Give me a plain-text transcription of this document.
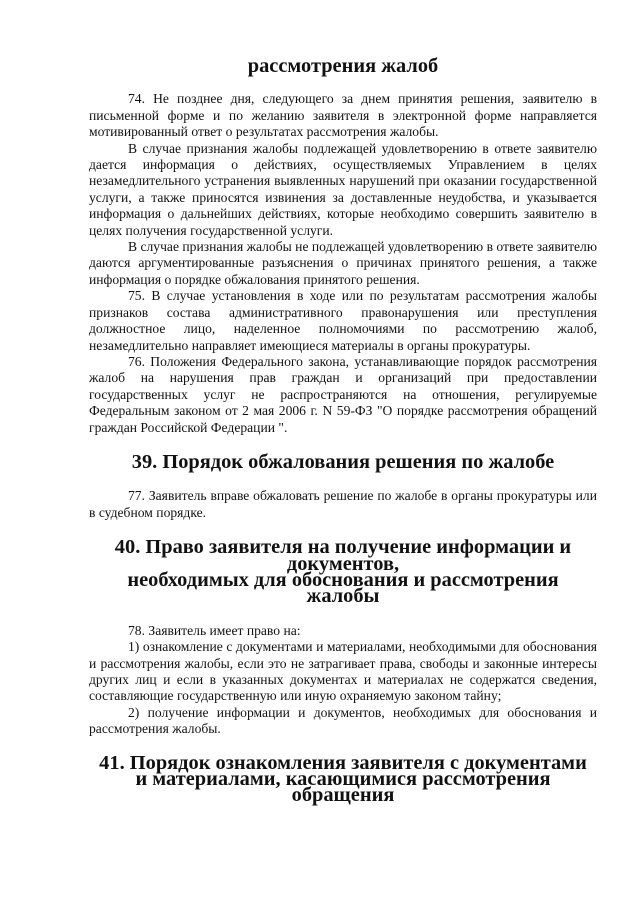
рассмотрения жалоб

74. Не позднее дня, следующего за днем принятия решения, заявителю в письменной форме и по желанию заявителя в электронной форме направляется мотивированный ответ о результатах рассмотрения жалобы.

В случае признания жалобы подлежащей удовлетворению в ответе заявителю дается информация о действиях, осуществляемых Управлением в целях незамедлительного устранения выявленных нарушений при оказании государственной услуги, а также приносятся извинения за доставленные неудобства, и указывается информация о дальнейших действиях, которые необходимо совершить заявителю в целях получения государственной услуги.

В случае признания жалобы не подлежащей удовлетворению в ответе заявителю даются аргументированные разъяснения о причинах принятого решения, а также информация о порядке обжалования принятого решения.

75. В случае установления в ходе или по результатам рассмотрения жалобы признаков состава административного правонарушения или преступления должностное лицо, наделенное полномочиями по рассмотрению жалоб, незамедлительно направляет имеющиеся материалы в органы прокуратуры.

76. Положения Федерального закона, устанавливающие порядок рассмотрения жалоб на нарушения прав граждан и организаций при предоставлении государственных услуг не распространяются на отношения, регулируемые Федеральным законом от 2 мая 2006 г. N 59-ФЗ "О порядке рассмотрения обращений граждан Российской Федерации ".

39. Порядок обжалования решения по жалобе

77. Заявитель вправе обжаловать решение по жалобе в органы прокуратуры или в судебном порядке.

40. Право заявителя на получение информации и документов,
необходимых для обоснования и рассмотрения жалобы

78. Заявитель имеет право на:

1) ознакомление с документами и материалами, необходимыми для обоснования и рассмотрения жалобы, если это не затрагивает права, свободы и законные интересы других лиц и если в указанных документах и материалах не содержатся сведения, составляющие государственную или иную охраняемую законом тайну;

2) получение информации и документов, необходимых для обоснования и рассмотрения жалобы.

41. Порядок ознакомления заявителя с документами
и материалами, касающимися рассмотрения обращения
